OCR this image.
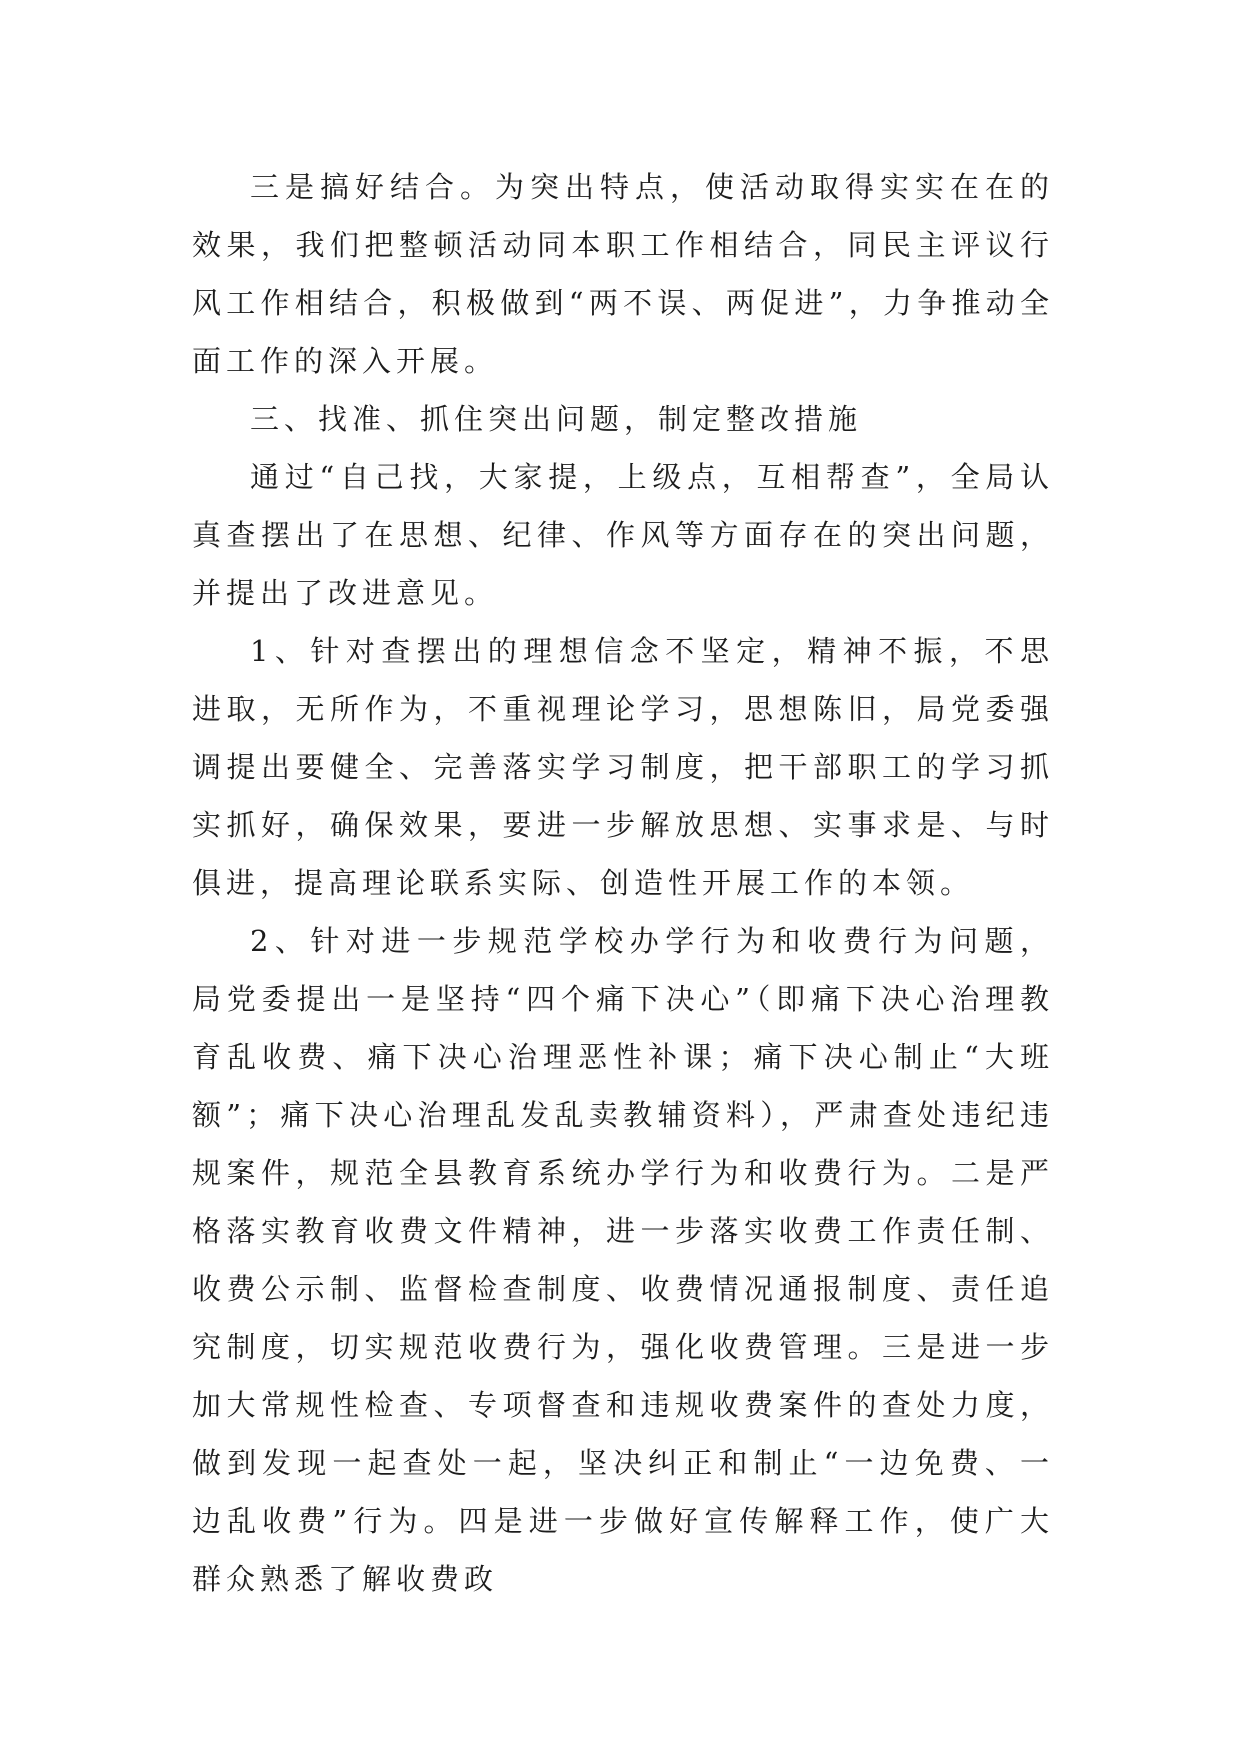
三是搞好结合。为突出特点，使活动取得实实在在的效果，我们把整顿活动同本职工作相结合，同民主评议行风工作相结合，积极做到“两不误、两促进”，力争推动全面工作的深入开展。

三、找准、抓住突出问题，制定整改措施

通过“自己找，大家提，上级点，互相帮查”，全局认真查摆出了在思想、纪律、作风等方面存在的突出问题，并提出了改进意见。

1、针对查摆出的理想信念不坚定，精神不振，不思进取，无所作为，不重视理论学习，思想陈旧，局党委强调提出要健全、完善落实学习制度，把干部职工的学习抓实抓好，确保效果，要进一步解放思想、实事求是、与时俱进，提高理论联系实际、创造性开展工作的本领。

2、针对进一步规范学校办学行为和收费行为问题，局党委提出一是坚持“四个痛下决心”（即痛下决心治理教育乱收费、痛下决心治理恶性补课；痛下决心制止“大班额”；痛下决心治理乱发乱卖教辅资料），严肃查处违纪违规案件，规范全县教育系统办学行为和收费行为。二是严格落实教育收费文件精神，进一步落实收费工作责任制、收费公示制、监督检查制度、收费情况通报制度、责任追究制度，切实规范收费行为，强化收费管理。三是进一步加大常规性检查、专项督查和违规收费案件的查处力度，做到发现一起查处一起，坚决纠正和制止“一边免费、一边乱收费”行为。四是进一步做好宣传解释工作，使广大群众熟悉了解收费政
